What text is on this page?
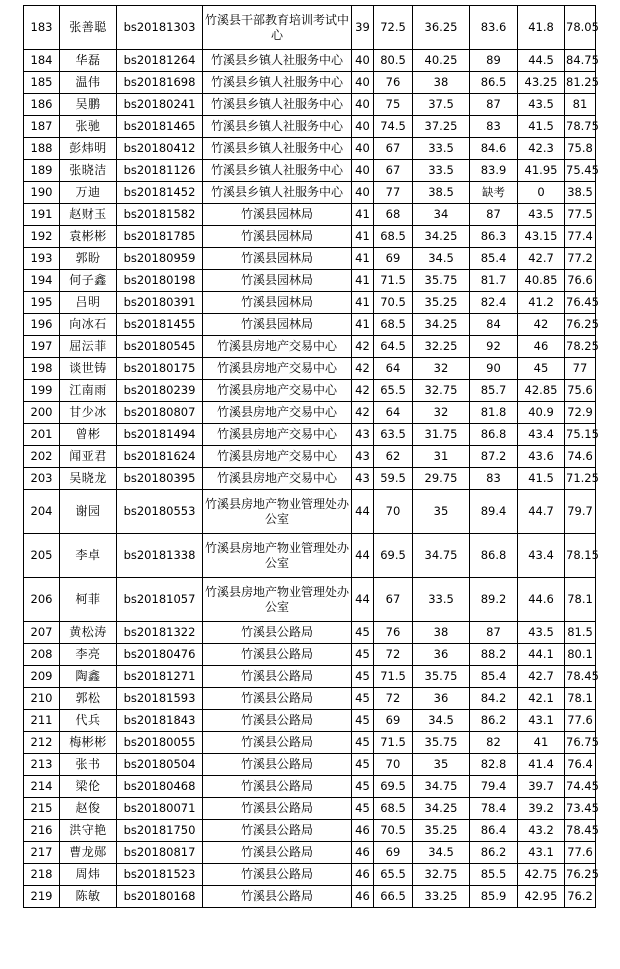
183	张善聪	bs20181303	竹溪县干部教育培训考试中心	39	72.5	36.25	83.6	41.8	78.05
184	华磊	bs20181264	竹溪县乡镇人社服务中心	40	80.5	40.25	89	44.5	84.75
185	温伟	bs20181698	竹溪县乡镇人社服务中心	40	76	38	86.5	43.25	81.25
186	吴鹏	bs20180241	竹溪县乡镇人社服务中心	40	75	37.5	87	43.5	81
187	张驰	bs20181465	竹溪县乡镇人社服务中心	40	74.5	37.25	83	41.5	78.75
188	彭炜明	bs20180412	竹溪县乡镇人社服务中心	40	67	33.5	84.6	42.3	75.8
189	张晓洁	bs20181126	竹溪县乡镇人社服务中心	40	67	33.5	83.9	41.95	75.45
190	万迪	bs20181452	竹溪县乡镇人社服务中心	40	77	38.5	缺考	0	38.5
191	赵财玉	bs20181582	竹溪县园林局	41	68	34	87	43.5	77.5
192	袁彬彬	bs20181785	竹溪县园林局	41	68.5	34.25	86.3	43.15	77.4
193	郭盼	bs20180959	竹溪县园林局	41	69	34.5	85.4	42.7	77.2
194	何子鑫	bs20180198	竹溪县园林局	41	71.5	35.75	81.7	40.85	76.6
195	吕明	bs20180391	竹溪县园林局	41	70.5	35.25	82.4	41.2	76.45
196	向冰石	bs20181455	竹溪县园林局	41	68.5	34.25	84	42	76.25
197	屈沄菲	bs20180545	竹溪县房地产交易中心	42	64.5	32.25	92	46	78.25
198	谈世铸	bs20180175	竹溪县房地产交易中心	42	64	32	90	45	77
199	江南雨	bs20180239	竹溪县房地产交易中心	42	65.5	32.75	85.7	42.85	75.6
200	甘少冰	bs20180807	竹溪县房地产交易中心	42	64	32	81.8	40.9	72.9
201	曾彬	bs20181494	竹溪县房地产交易中心	43	63.5	31.75	86.8	43.4	75.15
202	闻亚君	bs20181624	竹溪县房地产交易中心	43	62	31	87.2	43.6	74.6
203	吴晓龙	bs20180395	竹溪县房地产交易中心	43	59.5	29.75	83	41.5	71.25
204	谢园	bs20180553	竹溪县房地产物业管理处办公室	44	70	35	89.4	44.7	79.7
205	李卓	bs20181338	竹溪县房地产物业管理处办公室	44	69.5	34.75	86.8	43.4	78.15
206	柯菲	bs20181057	竹溪县房地产物业管理处办公室	44	67	33.5	89.2	44.6	78.1
207	黄松涛	bs20181322	竹溪县公路局	45	76	38	87	43.5	81.5
208	李亮	bs20180476	竹溪县公路局	45	72	36	88.2	44.1	80.1
209	陶鑫	bs20181271	竹溪县公路局	45	71.5	35.75	85.4	42.7	78.45
210	郭松	bs20181593	竹溪县公路局	45	72	36	84.2	42.1	78.1
211	代兵	bs20181843	竹溪县公路局	45	69	34.5	86.2	43.1	77.6
212	梅彬彬	bs20180055	竹溪县公路局	45	71.5	35.75	82	41	76.75
213	张书	bs20180504	竹溪县公路局	45	70	35	82.8	41.4	76.4
214	梁伦	bs20180468	竹溪县公路局	45	69.5	34.75	79.4	39.7	74.45
215	赵俊	bs20180071	竹溪县公路局	45	68.5	34.25	78.4	39.2	73.45
216	洪守艳	bs20181750	竹溪县公路局	46	70.5	35.25	86.4	43.2	78.45
217	曹龙郧	bs20180817	竹溪县公路局	46	69	34.5	86.2	43.1	77.6
218	周炜	bs20181523	竹溪县公路局	46	65.5	32.75	85.5	42.75	76.25
219	陈敏	bs20180168	竹溪县公路局	46	66.5	33.25	85.9	42.95	76.2
